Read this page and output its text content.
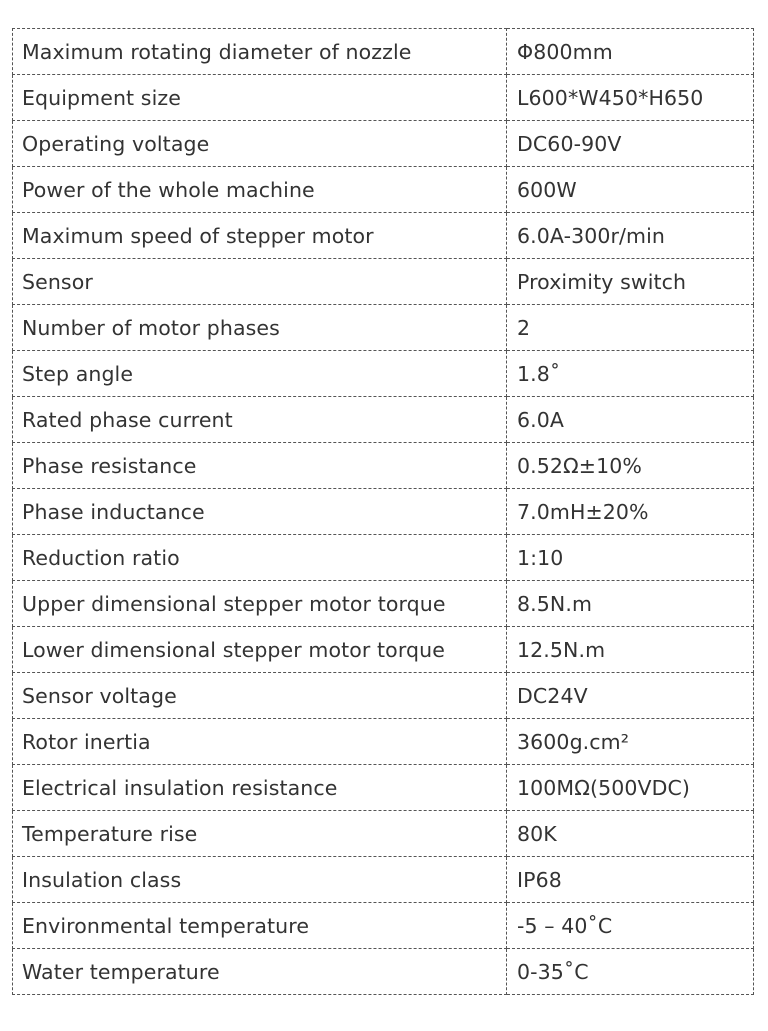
Maximum rotating diameter of nozzle	Φ800mm
Equipment size	L600*W450*H650
Operating voltage	DC60-90V
Power of the whole machine	600W
Maximum speed of stepper motor	6.0A-300r/min
Sensor	Proximity switch
Number of motor phases	2
Step angle	1.8˚
Rated phase current	6.0A
Phase resistance	0.52Ω±10%
Phase inductance	7.0mH±20%
Reduction ratio	1:10
Upper dimensional stepper motor torque	8.5N.m
Lower dimensional stepper motor torque	12.5N.m
Sensor voltage	DC24V
Rotor inertia	3600g.cm²
Electrical insulation resistance	100MΩ(500VDC)
Temperature rise	80K
Insulation class	IP68
Environmental temperature	-5 – 40˚C
Water temperature	0-35˚C
